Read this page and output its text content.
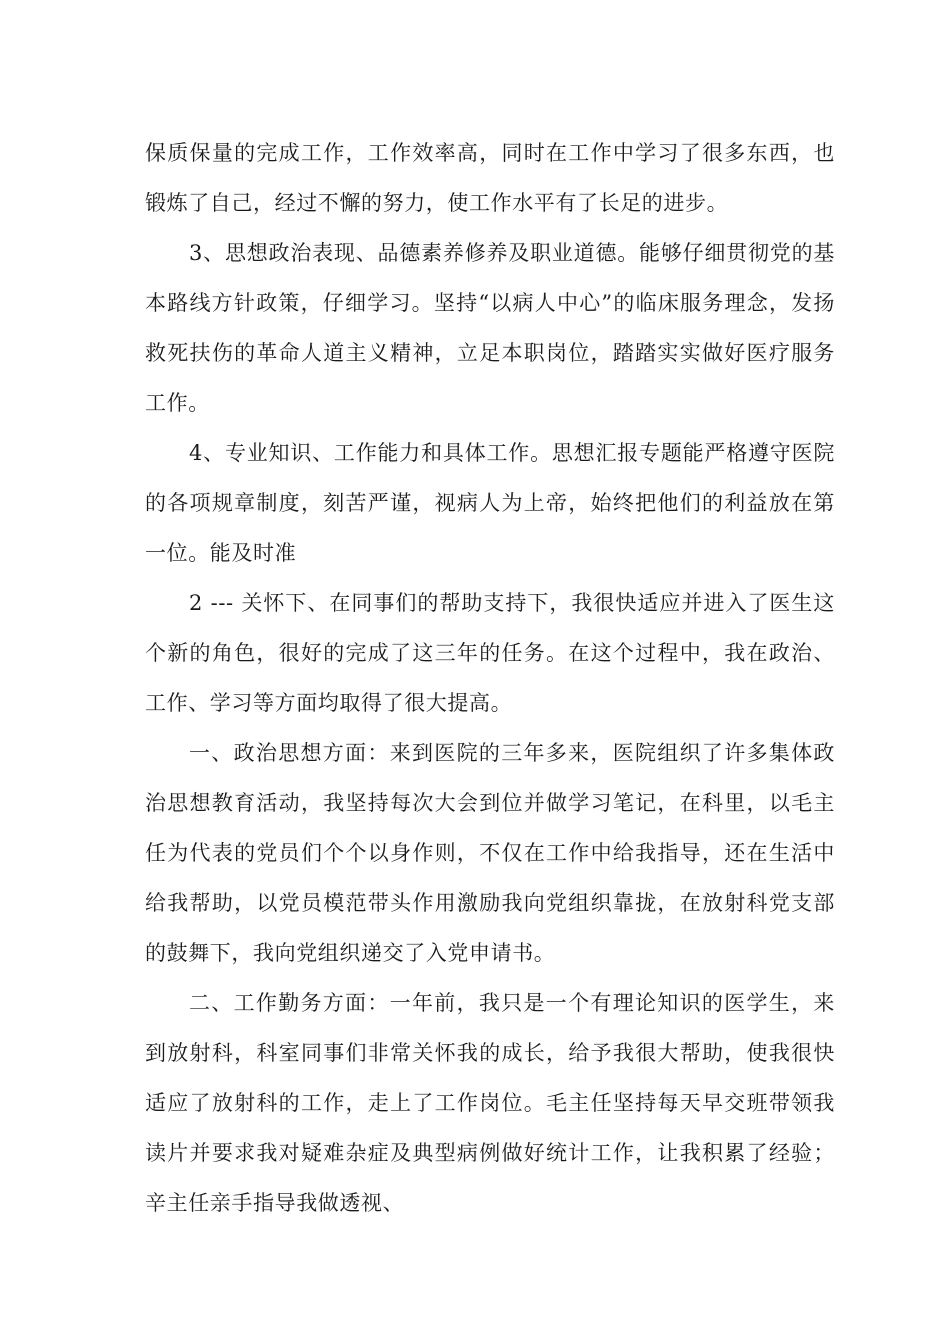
保质保量的完成工作，工作效率高，同时在工作中学习了很多东西，也锻炼了自己，经过不懈的努力，使工作水平有了长足的进步。

3、思想政治表现、品德素养修养及职业道德。能够仔细贯彻党的基本路线方针政策，仔细学习。坚持“以病人中心”的临床服务理念，发扬救死扶伤的革命人道主义精神，立足本职岗位，踏踏实实做好医疗服务工作。

4、专业知识、工作能力和具体工作。思想汇报专题能严格遵守医院的各项规章制度，刻苦严谨，视病人为上帝，始终把他们的利益放在第一位。能及时准

2 --- 关怀下、在同事们的帮助支持下，我很快适应并进入了医生这个新的角色，很好的完成了这三年的任务。在这个过程中，我在政治、工作、学习等方面均取得了很大提高。

一、政治思想方面：来到医院的三年多来，医院组织了许多集体政治思想教育活动，我坚持每次大会到位并做学习笔记，在科里，以毛主任为代表的党员们个个以身作则，不仅在工作中给我指导，还在生活中给我帮助，以党员模范带头作用激励我向党组织靠拢，在放射科党支部的鼓舞下，我向党组织递交了入党申请书。

二、工作勤务方面：一年前，我只是一个有理论知识的医学生，来到放射科，科室同事们非常关怀我的成长，给予我很大帮助，使我很快适应了放射科的工作，走上了工作岗位。毛主任坚持每天早交班带领我读片并要求我对疑难杂症及典型病例做好统计工作，让我积累了经验；辛主任亲手指导我做透视、
